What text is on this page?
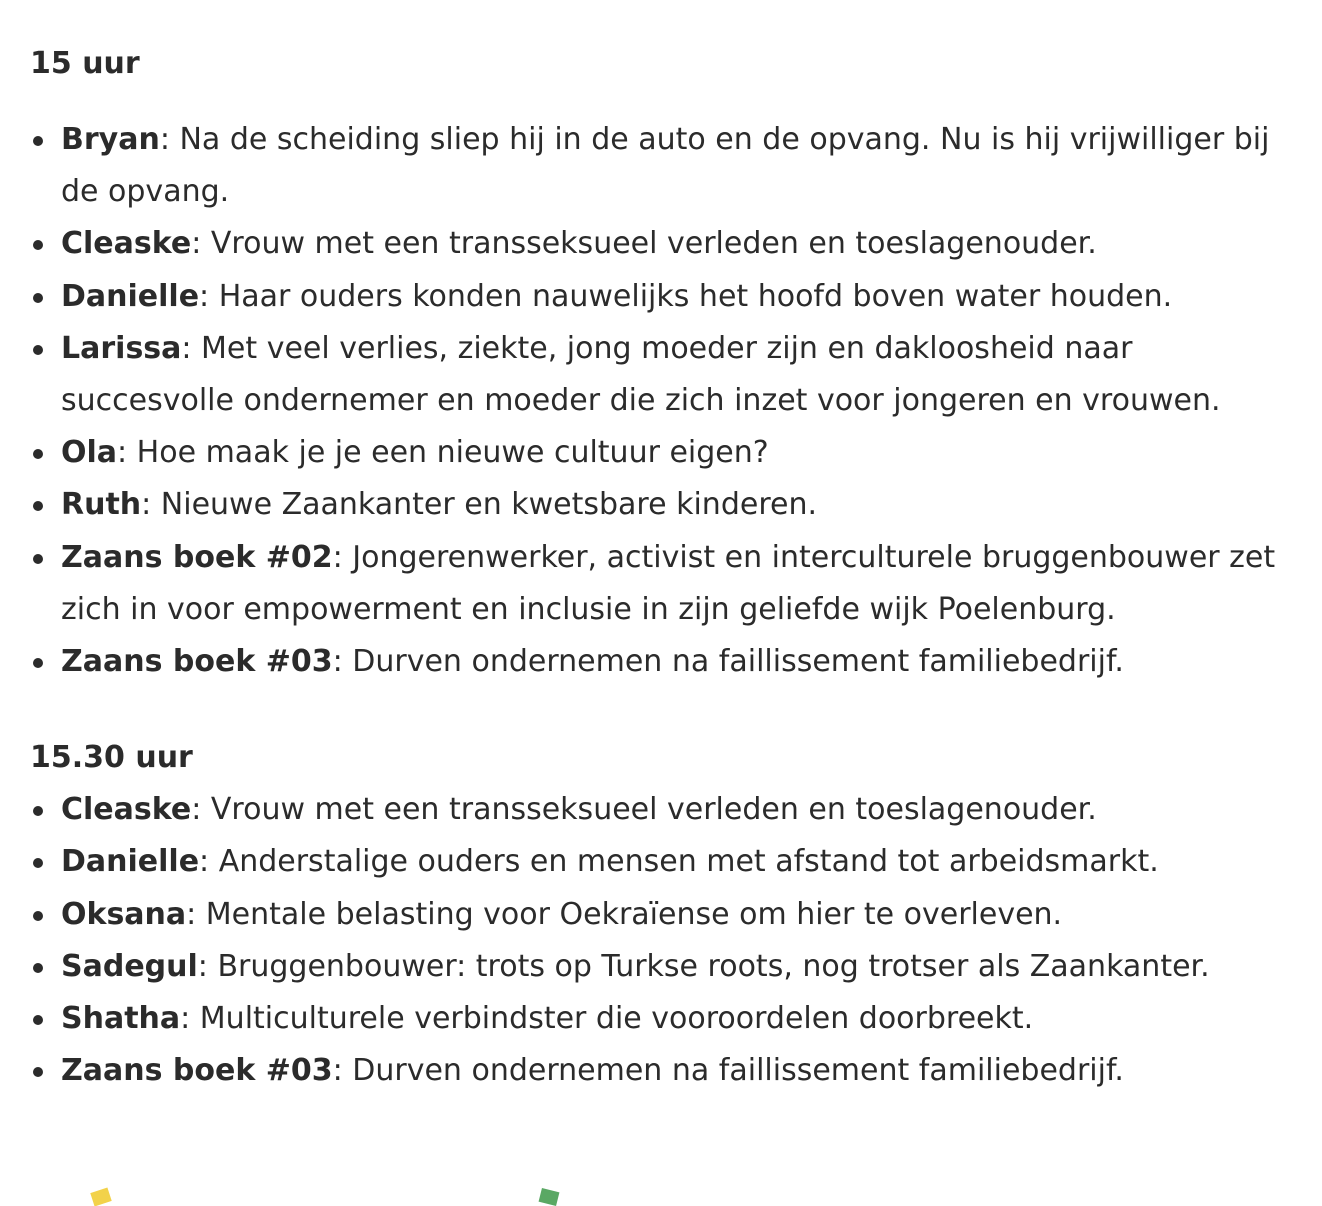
15 uur
Bryan: Na de scheiding sliep hij in de auto en de opvang. Nu is hij vrijwilliger bij de opvang.
Cleaske: Vrouw met een transseksueel verleden en toeslagenouder.
Danielle: Haar ouders konden nauwelijks het hoofd boven water houden.
Larissa: Met veel verlies, ziekte, jong moeder zijn en dakloosheid naar succesvolle ondernemer en moeder die zich inzet voor jongeren en vrouwen.
Ola: Hoe maak je je een nieuwe cultuur eigen?
Ruth: Nieuwe Zaankanter en kwetsbare kinderen.
Zaans boek #02: Jongerenwerker, activist en interculturele bruggenbouwer zet zich in voor empowerment en inclusie in zijn geliefde wijk Poelenburg.
Zaans boek #03: Durven ondernemen na faillissement familiebedrijf.
15.30 uur
Cleaske: Vrouw met een transseksueel verleden en toeslagenouder.
Danielle: Anderstalige ouders en mensen met afstand tot arbeidsmarkt.
Oksana: Mentale belasting voor Oekraïense om hier te overleven.
Sadegul: Bruggenbouwer: trots op Turkse roots, nog trotser als Zaankanter.
Shatha: Multiculturele verbindster die vooroordelen doorbreekt.
Zaans boek #03: Durven ondernemen na faillissement familiebedrijf.
